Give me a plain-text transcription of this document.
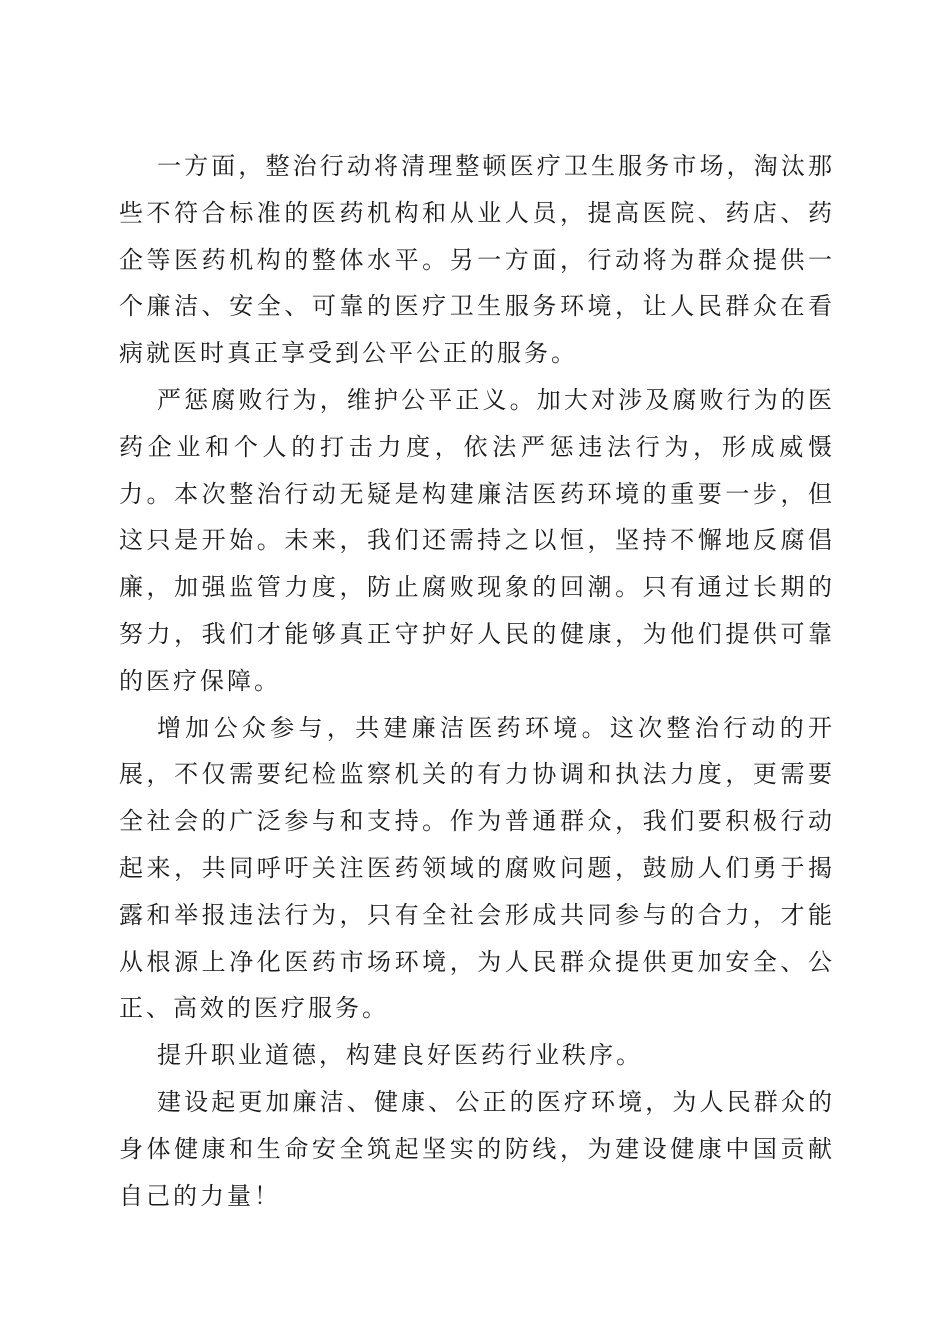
一方面，整治行动将清理整顿医疗卫生服务市场，淘汰那些不符合标准的医药机构和从业人员，提高医院、药店、药企等医药机构的整体水平。另一方面，行动将为群众提供一个廉洁、安全、可靠的医疗卫生服务环境，让人民群众在看病就医时真正享受到公平公正的服务。

严惩腐败行为，维护公平正义。加大对涉及腐败行为的医药企业和个人的打击力度，依法严惩违法行为，形成威慑力。本次整治行动无疑是构建廉洁医药环境的重要一步，但这只是开始。未来，我们还需持之以恒，坚持不懈地反腐倡廉，加强监管力度，防止腐败现象的回潮。只有通过长期的努力，我们才能够真正守护好人民的健康，为他们提供可靠的医疗保障。

增加公众参与，共建廉洁医药环境。这次整治行动的开展，不仅需要纪检监察机关的有力协调和执法力度，更需要全社会的广泛参与和支持。作为普通群众，我们要积极行动起来，共同呼吁关注医药领域的腐败问题，鼓励人们勇于揭露和举报违法行为，只有全社会形成共同参与的合力，才能从根源上净化医药市场环境，为人民群众提供更加安全、公正、高效的医疗服务。

提升职业道德，构建良好医药行业秩序。

建设起更加廉洁、健康、公正的医疗环境，为人民群众的身体健康和生命安全筑起坚实的防线，为建设健康中国贡献自己的力量！
